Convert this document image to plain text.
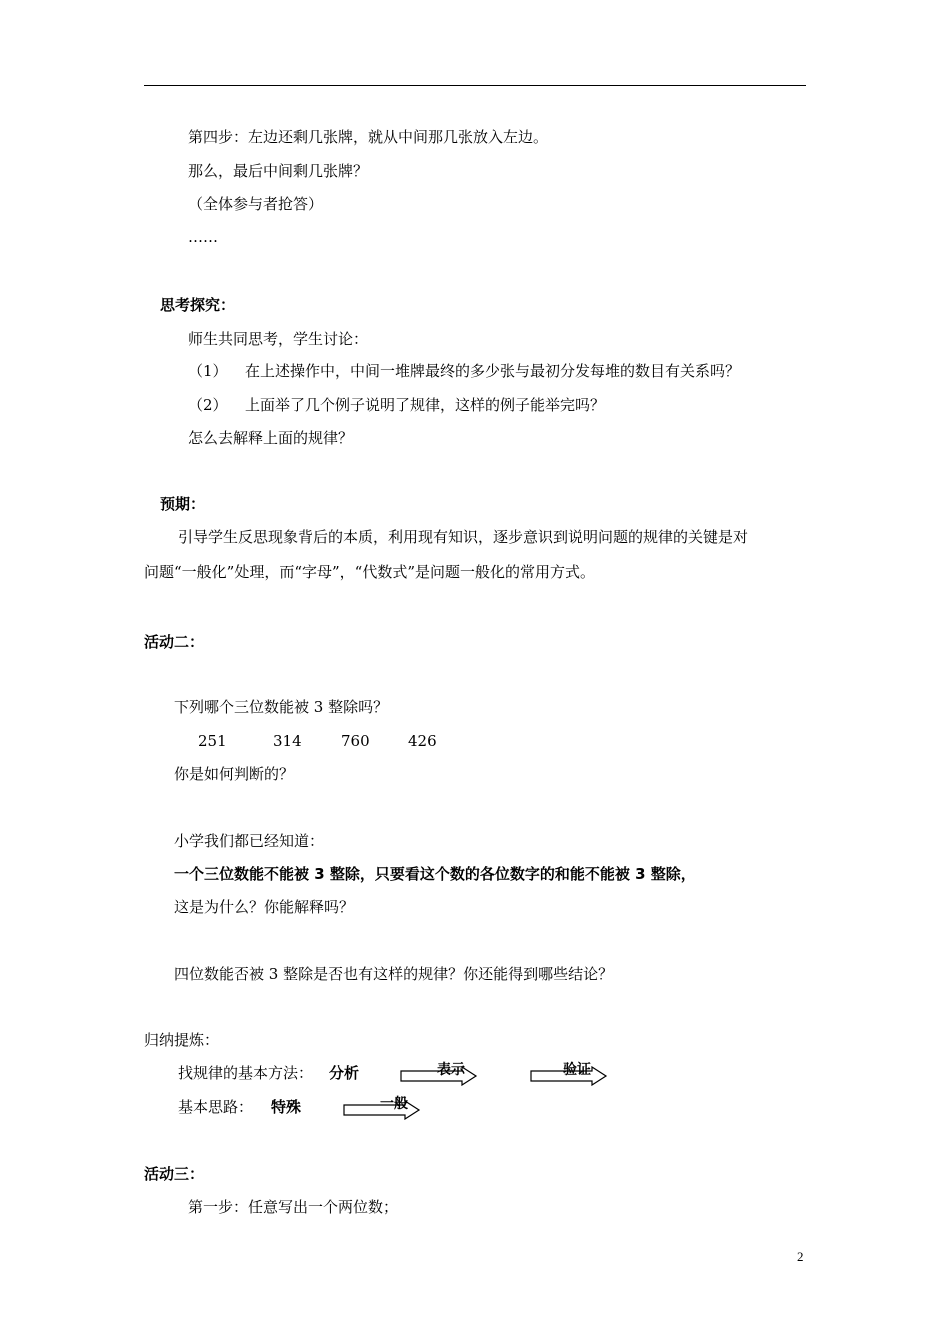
第四步：左边还剩几张牌，就从中间那几张放入左边。
那么，最后中间剩几张牌？
（全体参与者抢答）
……
思考探究：
师生共同思考，学生讨论：
（1） 在上述操作中，中间一堆牌最终的多少张与最初分发每堆的数目有关系吗？
（2） 上面举了几个例子说明了规律，这样的例子能举完吗？
怎么去解释上面的规律？
预期：
引导学生反思现象背后的本质，利用现有知识，逐步意识到说明问题的规律的关键是对
问题“一般化”处理，而“字母”，“代数式”是问题一般化的常用方式。
活动二：
下列哪个三位数能被 3 整除吗？
251	314	760	426
你是如何判断的？
小学我们都已经知道：
一个三位数能不能被 3 整除，只要看这个数的各位数字的和能不能被 3 整除，
这是为什么？你能解释吗？
四位数能否被 3 整除是否也有这样的规律？你还能得到哪些结论？
归纳提炼：
找规律的基本方法： 分析	表示	验证
基本思路： 特殊	一般
活动三：
第一步：任意写出一个两位数；
2
